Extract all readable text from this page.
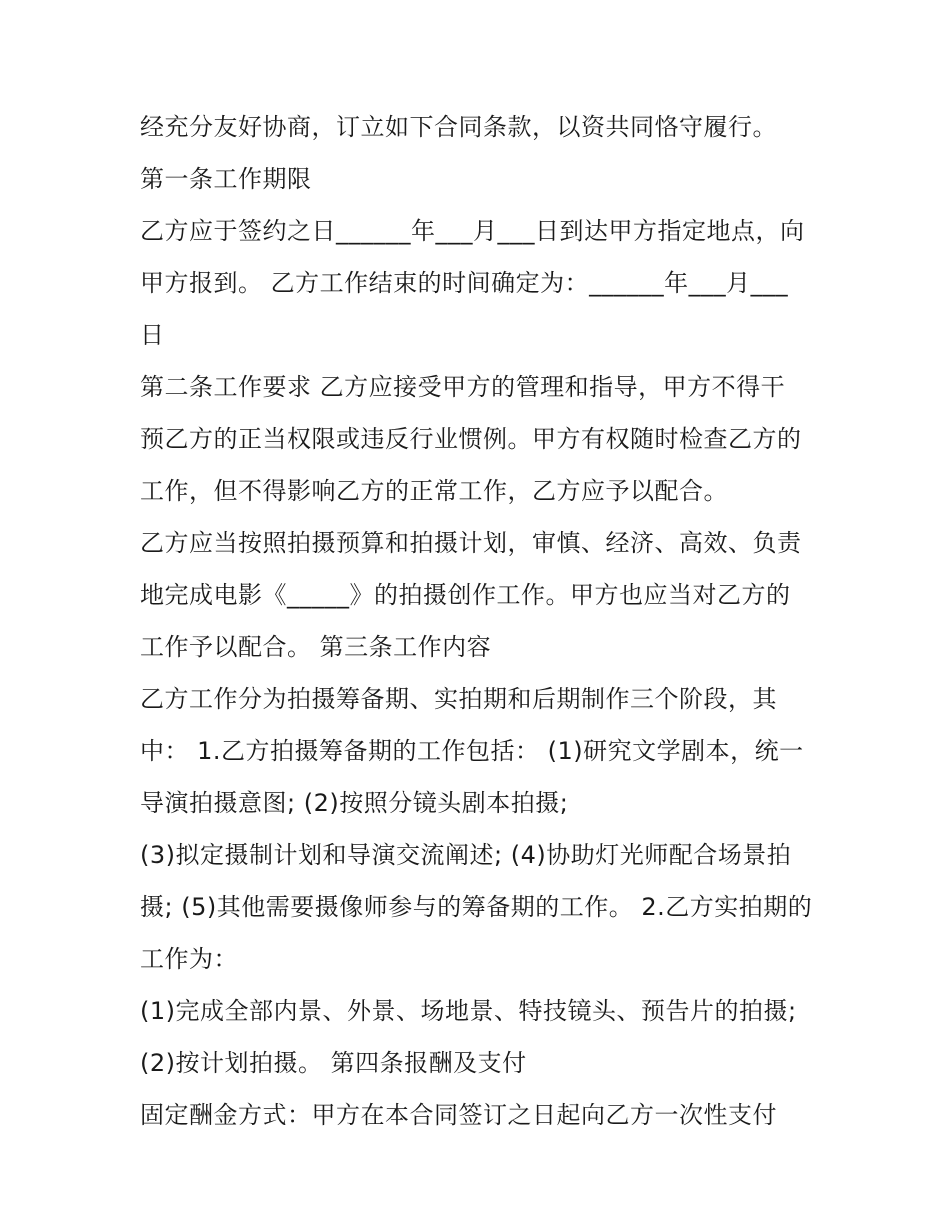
经充分友好协商，订立如下合同条款，以资共同恪守履行。
第一条工作期限
乙方应于签约之日______年___月___日到达甲方指定地点，向
甲方报到。 乙方工作结束的时间确定为：______年___月___
日
第二条工作要求 乙方应接受甲方的管理和指导，甲方不得干
预乙方的正当权限或违反行业惯例。甲方有权随时检查乙方的
工作，但不得影响乙方的正常工作，乙方应予以配合。
乙方应当按照拍摄预算和拍摄计划，审慎、经济、高效、负责
地完成电影《_____》的拍摄创作工作。甲方也应当对乙方的
工作予以配合。 第三条工作内容
乙方工作分为拍摄筹备期、实拍期和后期制作三个阶段，其
中： 1.乙方拍摄筹备期的工作包括： (1)研究文学剧本，统一
导演拍摄意图; (2)按照分镜头剧本拍摄;
(3)拟定摄制计划和导演交流阐述; (4)协助灯光师配合场景拍
摄; (5)其他需要摄像师参与的筹备期的工作。 2.乙方实拍期的
工作为：
(1)完成全部内景、外景、场地景、特技镜头、预告片的拍摄;
(2)按计划拍摄。 第四条报酬及支付
固定酬金方式：甲方在本合同签订之日起向乙方一次性支付
